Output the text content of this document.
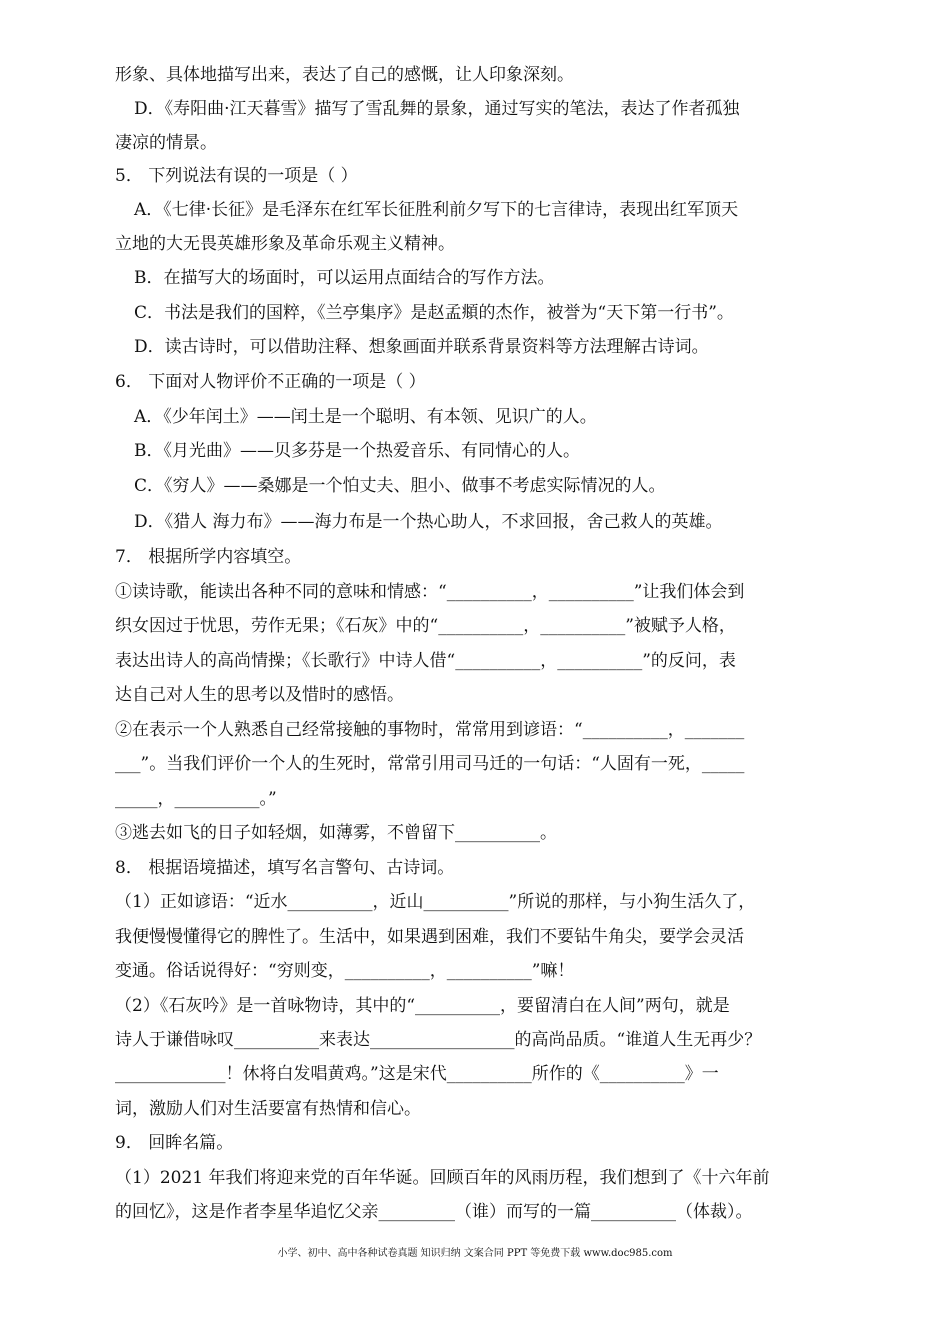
形象、具体地描写出来，表达了自己的感慨，让人印象深刻。
D．《寿阳曲·江天暮雪》描写了雪乱舞的景象，通过写实的笔法，表达了作者孤独
凄凉的情景。
5． 下列说法有误的一项是（ ）
A．《七律·长征》是毛泽东在红军长征胜利前夕写下的七言律诗，表现出红军顶天
立地的大无畏英雄形象及革命乐观主义精神。
B．在描写大的场面时，可以运用点面结合的写作方法。
C．书法是我们的国粹，《兰亭集序》是赵孟頫的杰作，被誉为“天下第一行书”。
D．读古诗时，可以借助注释、想象画面并联系背景资料等方法理解古诗词。
6． 下面对人物评价不正确的一项是（ ）
A．《少年闰土》——闰土是一个聪明、有本领、见识广的人。
B．《月光曲》——贝多芬是一个热爱音乐、有同情心的人。
C．《穷人》——桑娜是一个怕丈夫、胆小、做事不考虑实际情况的人。
D．《猎人 海力布》——海力布是一个热心助人，不求回报，舍己救人的英雄。
7． 根据所学内容填空。
①读诗歌，能读出各种不同的意味和情感：“__________，__________”让我们体会到
织女因过于忧思，劳作无果；《石灰》中的“__________，__________”被赋予人格，
表达出诗人的高尚情操；《长歌行》中诗人借“__________，__________”的反问，表
达自己对人生的思考以及惜时的感悟。
②在表示一个人熟悉自己经常接触的事物时，常常用到谚语：“__________，_______
___”。当我们评价一个人的生死时，常常引用司马迁的一句话：“人固有一死，_____
_____，__________。”
③逃去如飞的日子如轻烟，如薄雾，不曾留下__________。
8． 根据语境描述，填写名言警句、古诗词。
（1）正如谚语：“近水__________，近山__________”所说的那样，与小狗生活久了，
我便慢慢懂得它的脾性了。生活中，如果遇到困难，我们不要钻牛角尖，要学会灵活
变通。俗话说得好：“穷则变，__________，__________”嘛！
（2）《石灰吟》是一首咏物诗，其中的“__________，要留清白在人间”两句，就是
诗人于谦借咏叹__________来表达_________________的高尚品质。“谁道人生无再少？
_____________！休将白发唱黄鸡。”这是宋代__________所作的《__________》一
词，激励人们对生活要富有热情和信心。
9． 回眸名篇。
（1）2021 年我们将迎来党的百年华诞。回顾百年的风雨历程，我们想到了《十六年前
的回忆》，这是作者李星华追忆父亲_________（谁）而写的一篇__________（体裁）。
小学、初中、高中各种试卷真题 知识归纳 文案合同 PPT 等免费下载 www.doc985.com
